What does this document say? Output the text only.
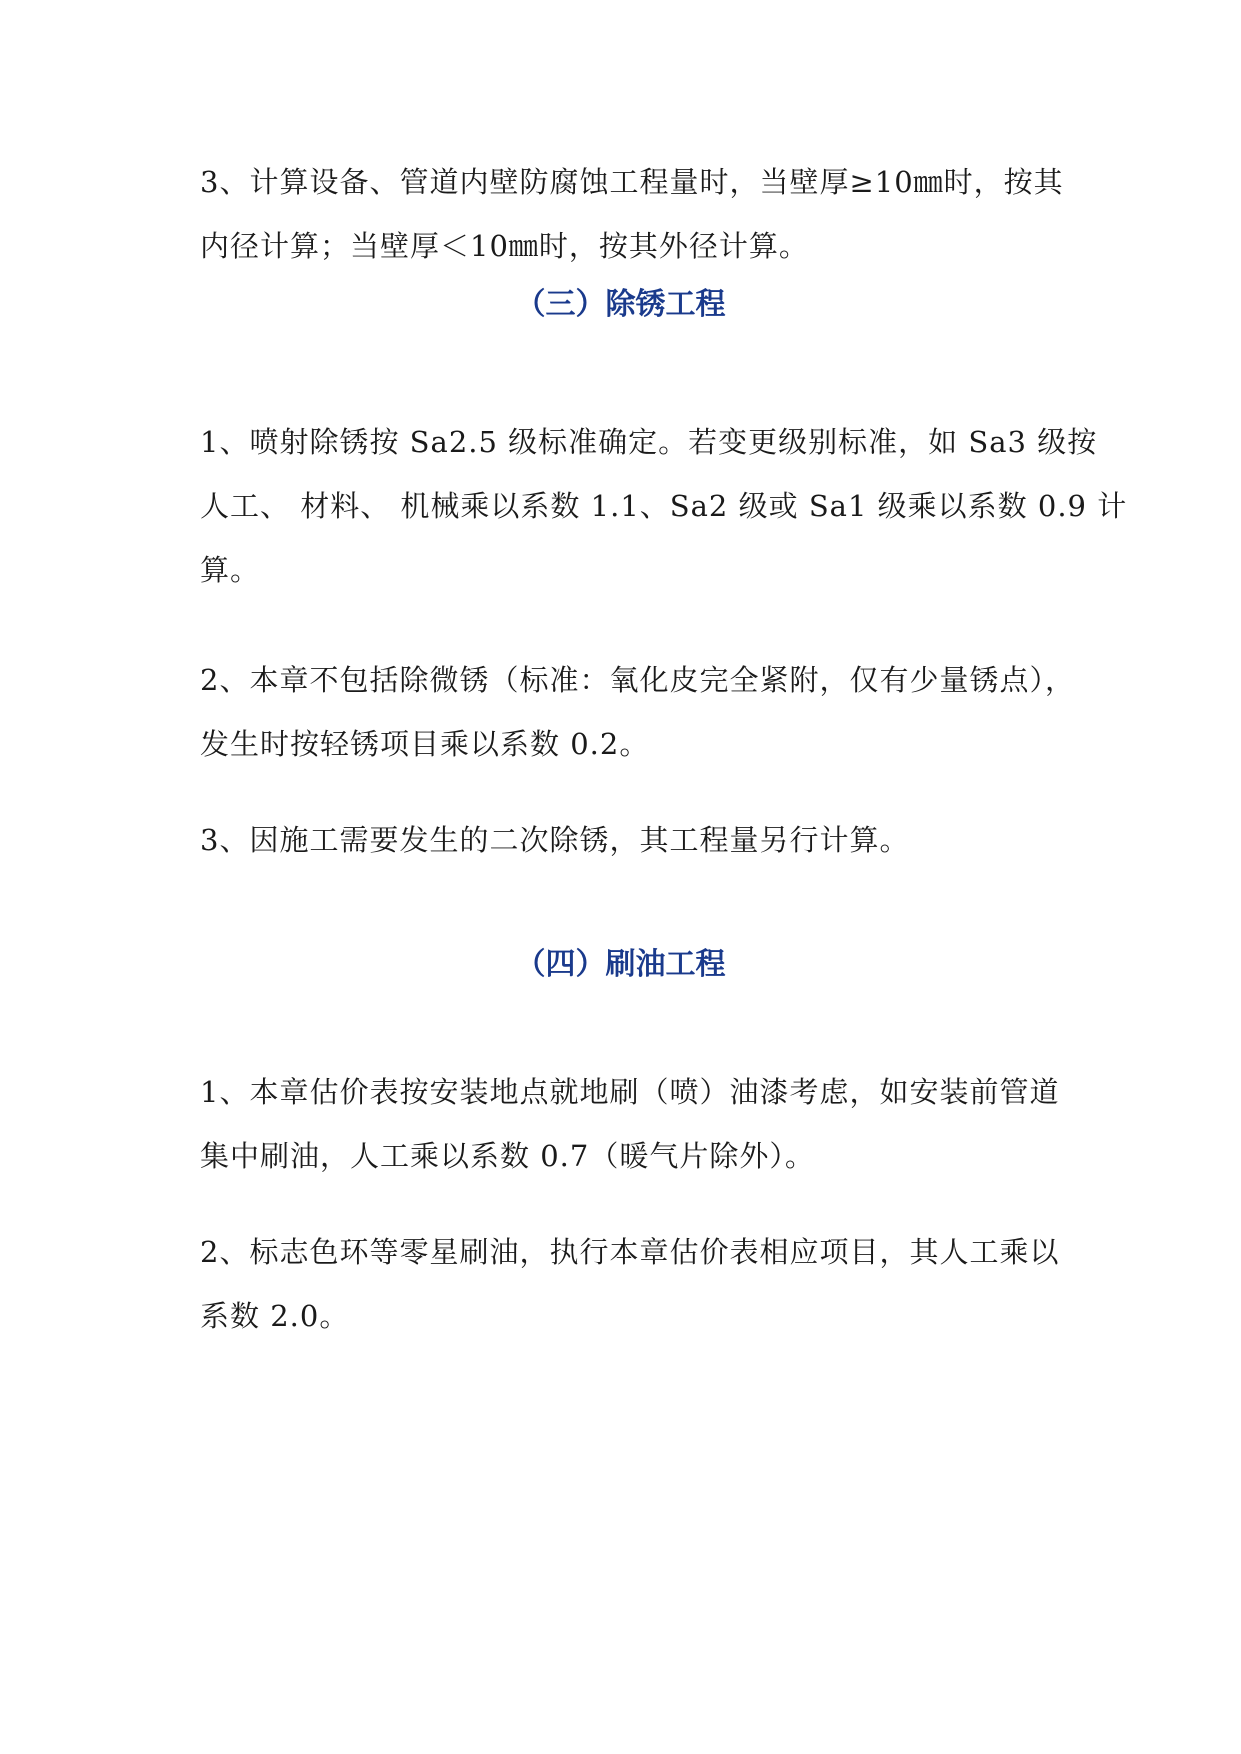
3、计算设备、管道内壁防腐蚀工程量时，当壁厚≥10㎜时，按其
内径计算；当壁厚＜10㎜时，按其外径计算。
（三）除锈工程
1、喷射除锈按 Sa2.5 级标准确定。若变更级别标准，如 Sa3 级按
人工、 材料、 机械乘以系数 1.1、Sa2 级或 Sa1 级乘以系数 0.9 计
算。
2、本章不包括除微锈（标准：氧化皮完全紧附，仅有少量锈点），
发生时按轻锈项目乘以系数 0.2。
3、因施工需要发生的二次除锈，其工程量另行计算。
（四）刷油工程
1、本章估价表按安装地点就地刷（喷）油漆考虑，如安装前管道
集中刷油，人工乘以系数 0.7（暖气片除外）。
2、标志色环等零星刷油，执行本章估价表相应项目，其人工乘以
系数 2.0。
